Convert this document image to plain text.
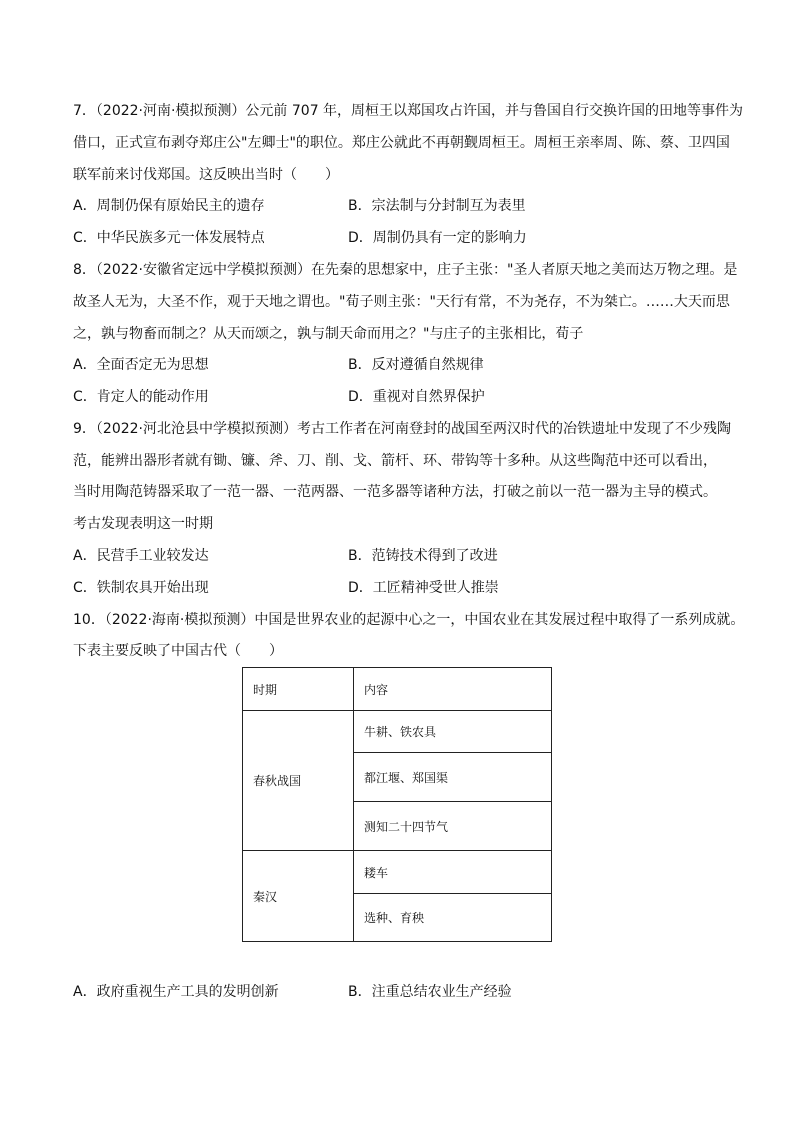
7．（2022·河南·模拟预测）公元前 707 年，周桓王以郑国攻占许国，并与鲁国自行交换许国的田地等事件为
借口，正式宣布剥夺郑庄公"左卿士"的职位。郑庄公就此不再朝觐周桓王。周桓王亲率周、陈、蔡、卫四国
联军前来讨伐郑国。这反映出当时（　　）
A．周制仍保有原始民主的遗存	B．宗法制与分封制互为表里
C．中华民族多元一体发展特点	D．周制仍具有一定的影响力
8．（2022·安徽省定远中学模拟预测）在先秦的思想家中，庄子主张："圣人者原天地之美而达万物之理。是
故圣人无为，大圣不作，观于天地之谓也。"荀子则主张："天行有常，不为尧存，不为桀亡。……大天而思
之，孰与物畜而制之？从天而颂之，孰与制天命而用之？"与庄子的主张相比，荀子
A．全面否定无为思想	B．反对遵循自然规律
C．肯定人的能动作用	D．重视对自然界保护
9．（2022·河北沧县中学模拟预测）考古工作者在河南登封的战国至两汉时代的冶铁遗址中发现了不少残陶
范，能辨出器形者就有锄、镰、斧、刀、削、戈、箭杆、环、带钩等十多种。从这些陶范中还可以看出，
当时用陶范铸器采取了一范一器、一范两器、一范多器等诸种方法，打破之前以一范一器为主导的模式。
考古发现表明这一时期
A．民营手工业较发达	B．范铸技术得到了改进
C．铁制农具开始出现	D．工匠精神受世人推崇
10．（2022·海南·模拟预测）中国是世界农业的起源中心之一，中国农业在其发展过程中取得了一系列成就。
下表主要反映了中国古代（　　）
时期	内容
春秋战国	牛耕、铁农具
	都江堰、郑国渠
	测知二十四节气
秦汉	耧车
	选种、育秧
A．政府重视生产工具的发明创新	B．注重总结农业生产经验
